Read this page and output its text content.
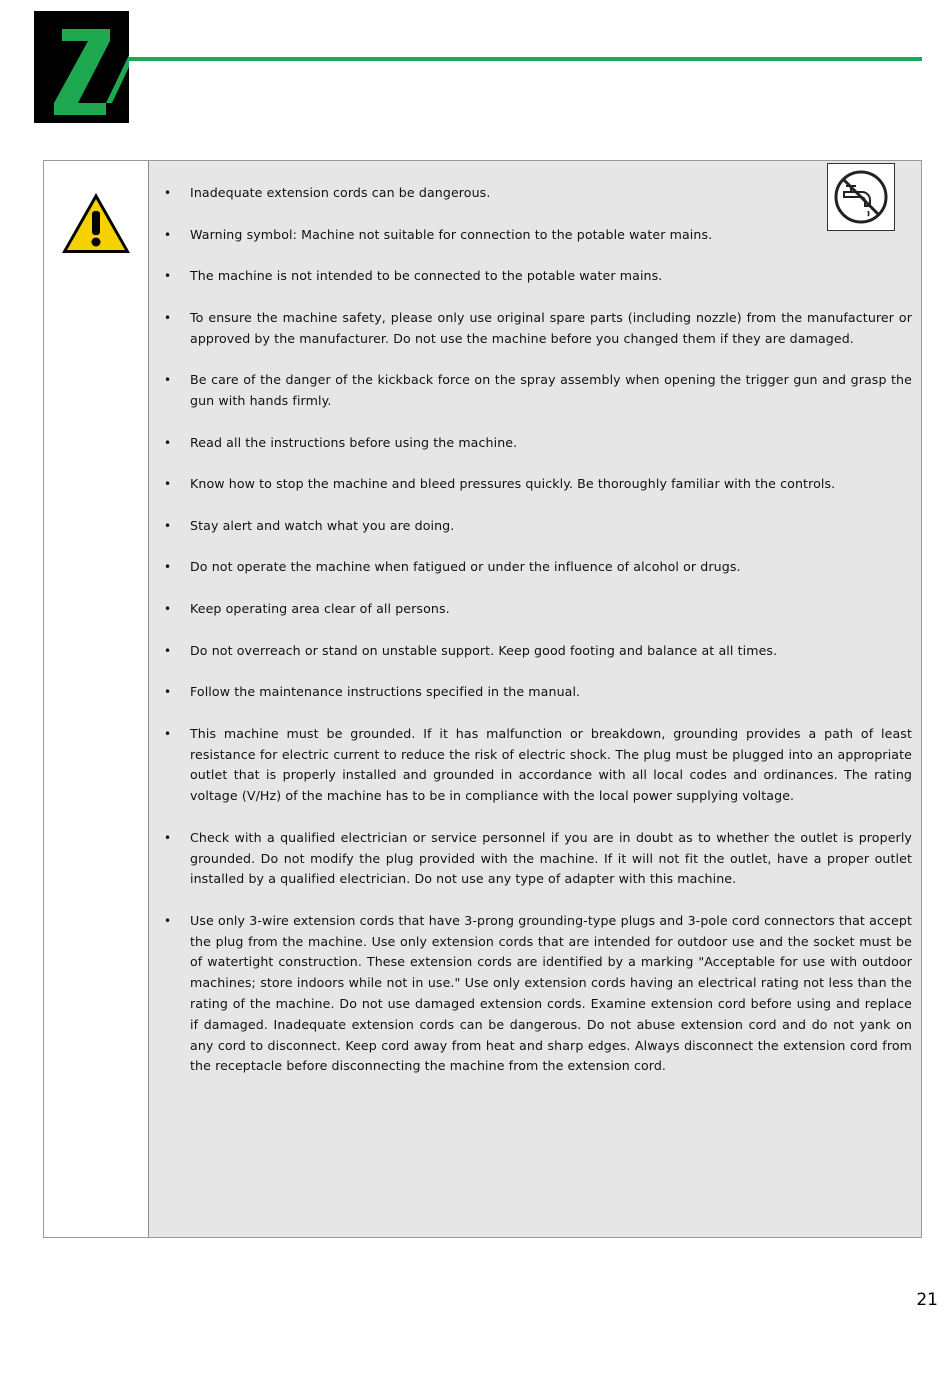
• Inadequate extension cords can be dangerous.
• Warning symbol: Machine not suitable for connection to the potable water mains.
• The machine is not intended to be connected to the potable water mains.
• To ensure the machine safety, please only use original spare parts (including nozzle) from the manufacturer or approved by the manufacturer. Do not use the machine before you changed them if they are damaged.
• Be care of the danger of the kickback force on the spray assembly when opening the trigger gun and grasp the gun with hands firmly.
• Read all the instructions before using the machine.
• Know how to stop the machine and bleed pressures quickly. Be thoroughly familiar with the controls.
• Stay alert and watch what you are doing.
• Do not operate the machine when fatigued or under the influence of alcohol or drugs.
• Keep operating area clear of all persons.
• Do not overreach or stand on unstable support. Keep good footing and balance at all times.
• Follow the maintenance instructions specified in the manual.
• This machine must be grounded. If it has malfunction or breakdown, grounding provides a path of least resistance for electric current to reduce the risk of electric shock. The plug must be plugged into an appropriate outlet that is properly installed and grounded in accordance with all local codes and ordinances. The rating voltage (V/Hz) of the machine has to be in compliance with the local power supplying voltage.
• Check with a qualified electrician or service personnel if you are in doubt as to whether the outlet is properly grounded. Do not modify the plug provided with the machine. If it will not fit the outlet, have a proper outlet installed by a qualified electrician. Do not use any type of adapter with this machine.
• Use only 3-wire extension cords that have 3-prong grounding-type plugs and 3-pole cord connectors that accept the plug from the machine. Use only extension cords that are intended for outdoor use and the socket must be of watertight construction. These extension cords are identified by a marking "Acceptable for use with outdoor machines; store indoors while not in use." Use only extension cords having an electrical rating not less than the rating of the machine. Do not use damaged extension cords. Examine extension cord before using and replace if damaged. Inadequate extension cords can be dangerous. Do not abuse extension cord and do not yank on any cord to disconnect. Keep cord away from heat and sharp edges. Always disconnect the extension cord from the receptacle before disconnecting the machine from the extension cord.
21
